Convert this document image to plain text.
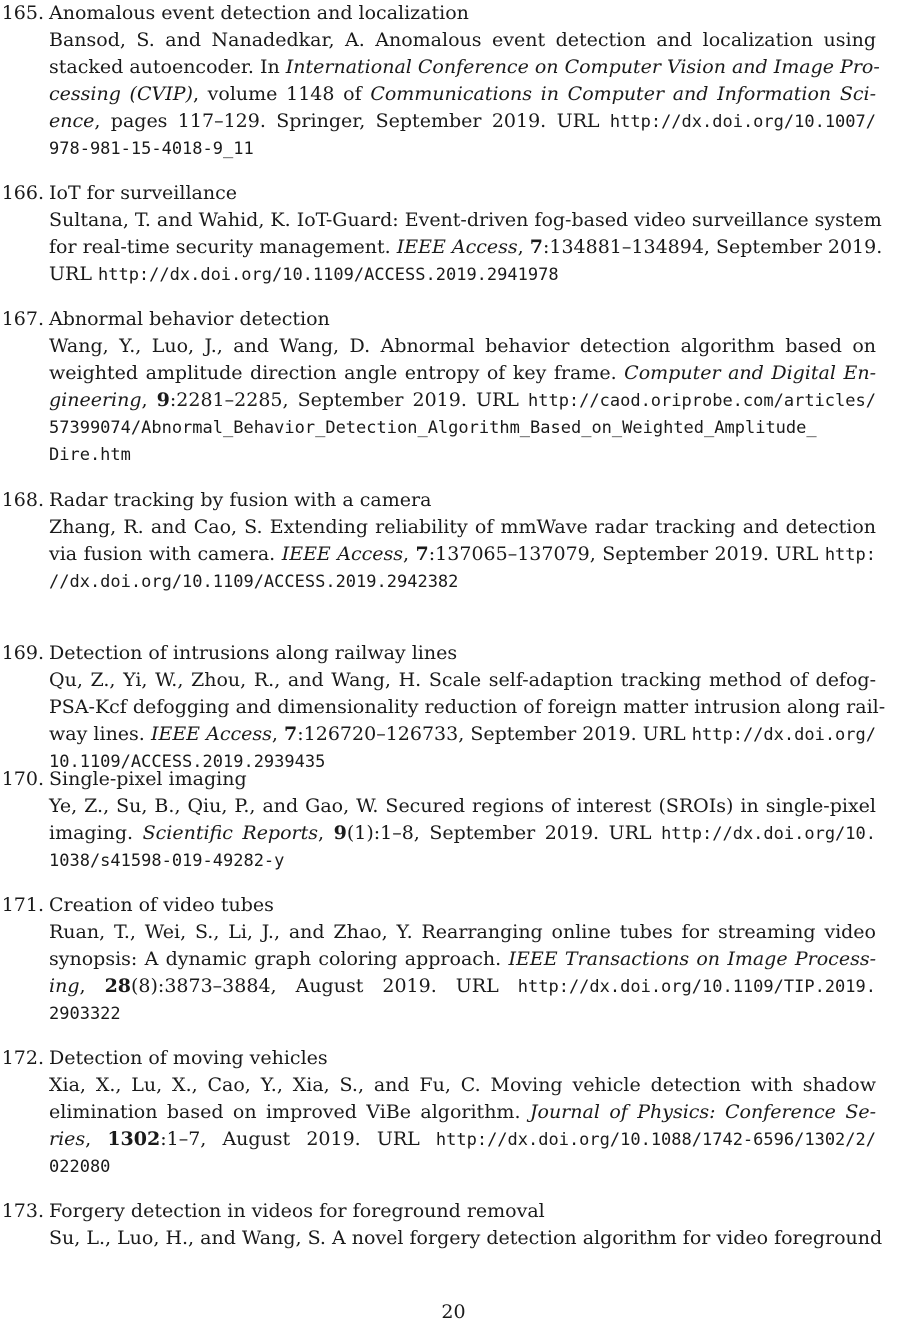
165. Anomalous event detection and localization
Bansod, S. and Nanadedkar, A. Anomalous event detection and localization using
stacked autoencoder. In International Conference on Computer Vision and Image Pro-
cessing (CVIP), volume 1148 of Communications in Computer and Information Sci-
ence, pages 117–129. Springer, September 2019. URL http://dx.doi.org/10.1007/
978-981-15-4018-9_11
166. IoT for surveillance
Sultana, T. and Wahid, K. IoT-Guard: Event-driven fog-based video surveillance system
for real-time security management. IEEE Access, 7:134881–134894, September 2019.
URL http://dx.doi.org/10.1109/ACCESS.2019.2941978
167. Abnormal behavior detection
Wang, Y., Luo, J., and Wang, D. Abnormal behavior detection algorithm based on
weighted amplitude direction angle entropy of key frame. Computer and Digital En-
gineering, 9:2281–2285, September 2019. URL http://caod.oriprobe.com/articles/
57399074/Abnormal_Behavior_Detection_Algorithm_Based_on_Weighted_Amplitude_
Dire.htm
168. Radar tracking by fusion with a camera
Zhang, R. and Cao, S. Extending reliability of mmWave radar tracking and detection
via fusion with camera. IEEE Access, 7:137065–137079, September 2019. URL http:
//dx.doi.org/10.1109/ACCESS.2019.2942382
169. Detection of intrusions along railway lines
Qu, Z., Yi, W., Zhou, R., and Wang, H. Scale self-adaption tracking method of defog-
PSA-Kcf defogging and dimensionality reduction of foreign matter intrusion along rail-
way lines. IEEE Access, 7:126720–126733, September 2019. URL http://dx.doi.org/
10.1109/ACCESS.2019.2939435
170. Single-pixel imaging
Ye, Z., Su, B., Qiu, P., and Gao, W. Secured regions of interest (SROIs) in single-pixel
imaging. Scientific Reports, 9(1):1–8, September 2019. URL http://dx.doi.org/10.
1038/s41598-019-49282-y
171. Creation of video tubes
Ruan, T., Wei, S., Li, J., and Zhao, Y. Rearranging online tubes for streaming video
synopsis: A dynamic graph coloring approach. IEEE Transactions on Image Process-
ing, 28(8):3873–3884, August 2019. URL http://dx.doi.org/10.1109/TIP.2019.
2903322
172. Detection of moving vehicles
Xia, X., Lu, X., Cao, Y., Xia, S., and Fu, C. Moving vehicle detection with shadow
elimination based on improved ViBe algorithm. Journal of Physics: Conference Se-
ries, 1302:1–7, August 2019. URL http://dx.doi.org/10.1088/1742-6596/1302/2/
022080
173. Forgery detection in videos for foreground removal
Su, L., Luo, H., and Wang, S. A novel forgery detection algorithm for video foreground
20
